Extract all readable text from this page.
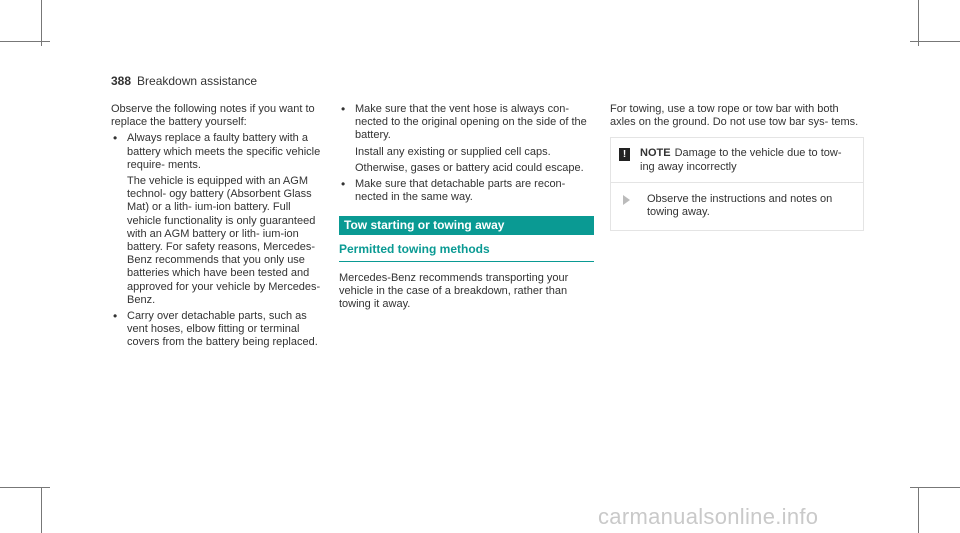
388 Breakdown assistance

Observe the following notes if you want to replace the battery yourself:

• Always replace a faulty battery with a battery which meets the specific vehicle require- ments.

The vehicle is equipped with an AGM technol- ogy battery (Absorbent Glass Mat) or a lith- ium-ion battery. Full vehicle functionality is only guaranteed with an AGM battery or lith- ium-ion battery. For safety reasons, Mercedes-Benz recommends that you only use batteries which have been tested and approved for your vehicle by Mercedes-Benz.

• Carry over detachable parts, such as vent hoses, elbow fitting or terminal covers from the battery being replaced.

• Make sure that the vent hose is always con- nected to the original opening on the side of the battery.

Install any existing or supplied cell caps.

Otherwise, gases or battery acid could escape.

• Make sure that detachable parts are recon- nected in the same way.

Tow starting or towing away
Permitted towing methods

Mercedes-Benz recommends transporting your vehicle in the case of a breakdown, rather than towing it away.

For towing, use a tow rope or tow bar with both axles on the ground. Do not use tow bar sys- tems.

!	NOTE Damage to the vehicle due to tow- ing away incorrectly
Observe the instructions and notes on towing away.
carmanualsonline.info
